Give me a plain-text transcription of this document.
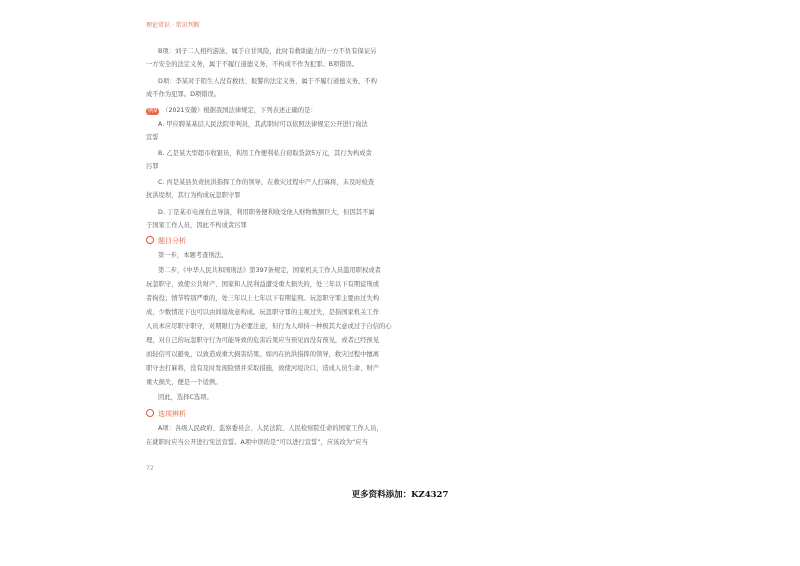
理论常识 · 常识判断
B项：刘子二人相约游泳，属于自甘风险，此时有救助能力的一方不负有保证另
一方安全的法定义务，属于不履行道德义务，不构成不作为犯罪。B项错误。
D项：李某对于陌生人没有救扶、报警的法定义务，属于不履行道德义务，不构
成不作为犯罪。D项错误。
例9 （2021安徽）根据我国法律规定，下列表述正确的是：
A. 甲应聘某基层人民法院审判员，其武职时可以依照法律规定公开进行询法
宣誓
B. 乙是某大型超市收银员，利用工作便利私自窃取货款5万元，其行为构成贪
污罪
C. 丙是某县负责抗洪指挥工作的领导，在救灾过程中产人打麻将，未及时检查
抗洪堤坝，其行为构成玩忽职守罪
D. 丁是某市电视台总导演，利用职务便利收受他人财物数额巨大，但因其不属
于国家工作人员，因此不构成贪污罪
题目分析
第一步，本题考查刑法。
第二步，《中华人民共和国刑法》第397条规定，国家机关工作人员滥用职权或者
玩忽职守，致使公共财产、国家和人民利益遭受重大损失的，处三年以下有期徒刑或
者拘役；情节特别严重的，处三年以上七年以下有期徒刑。玩忽职守罪主要由过失构
成，少数情况下也可以由间接故意构成。玩忽职守罪的主观过失，是指国家机关工作
人员本应尽职守职守，对期限行为必要注意，但行为人却持一种极其大意或过于自信的心
理，对自己的玩忽职守行为可能导致的危害后果应当预见而没有预见，或者已经预见
而轻信可以避免，以致造成重大损害结果。如丙在抗洪指挥的领导，救灾过程中擅离
职守去打麻将，没有及时发现险情并采取措施，致使河堤决口，造成人员生命、财产
重大损失，便是一个适例。
因此，选择C选项。
选项辨析
A项：各级人民政府、监察委员会、人民法院、人民检察院任命的国家工作人员，
在就职时应当公开进行宪法宣誓。A项中误的是“可以进行宣誓”，应该改为“应当
72
更多资料添加：KZ4327
